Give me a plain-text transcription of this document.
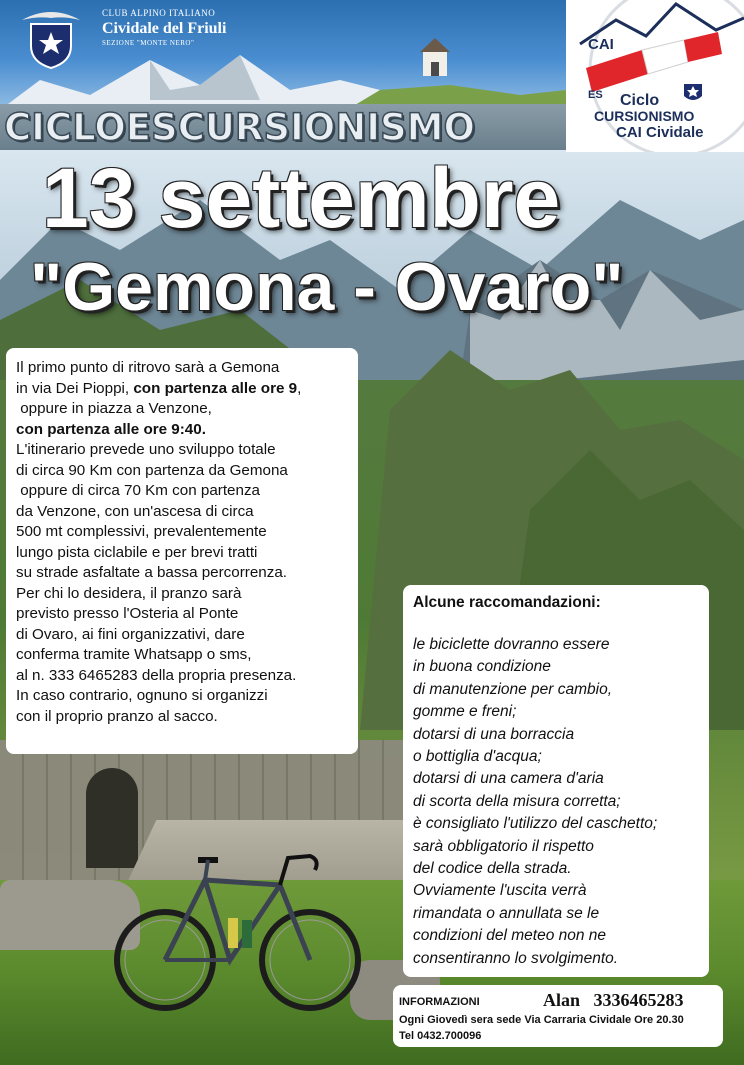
CLUB ALPINO ITALIANO
Cividale del Friuli
SEZIONE "MONTE NERO"
CICLOESCURSIONISMO
CAI
ES Ciclo
CURSIONISMO
CAI Cividale
13 settembre
"Gemona - Ovaro"
Il primo punto di ritrovo sarà a Gemona
in via Dei Pioppi, con partenza alle ore 9,
oppure in piazza a Venzone,
con partenza alle ore 9:40.
L'itinerario prevede uno sviluppo totale
di circa 90 Km con partenza da Gemona
oppure di circa 70 Km con partenza
da Venzone, con un'ascesa di circa
500 mt complessivi, prevalentemente
lungo pista ciclabile e per brevi tratti
su strade asfaltate a bassa percorrenza.
Per chi lo desidera, il pranzo sarà
previsto presso l'Osteria al Ponte
di Ovaro, ai fini organizzativi, dare
conferma tramite Whatsapp o sms,
al n. 333 6465283 della propria presenza.
In caso contrario, ognuno si organizzi
con il proprio pranzo al sacco.
Alcune raccomandazioni:
le biciclette dovranno essere
in buona condizione
di manutenzione per cambio,
gomme e freni;
dotarsi di una borraccia
o bottiglia d'acqua;
dotarsi di una camera d'aria
di scorta della misura corretta;
è consigliato l'utilizzo del caschetto;
sarà obbligatorio il rispetto
del codice della strada.
Ovviamente l'uscita verrà
rimandata o annullata se le
condizioni del meteo non ne
consentiranno lo svolgimento.
INFORMAZIONI	Alan   3336465283
Ogni Giovedì sera sede Via Carraria Cividale Ore 20.30
Tel 0432.700096
